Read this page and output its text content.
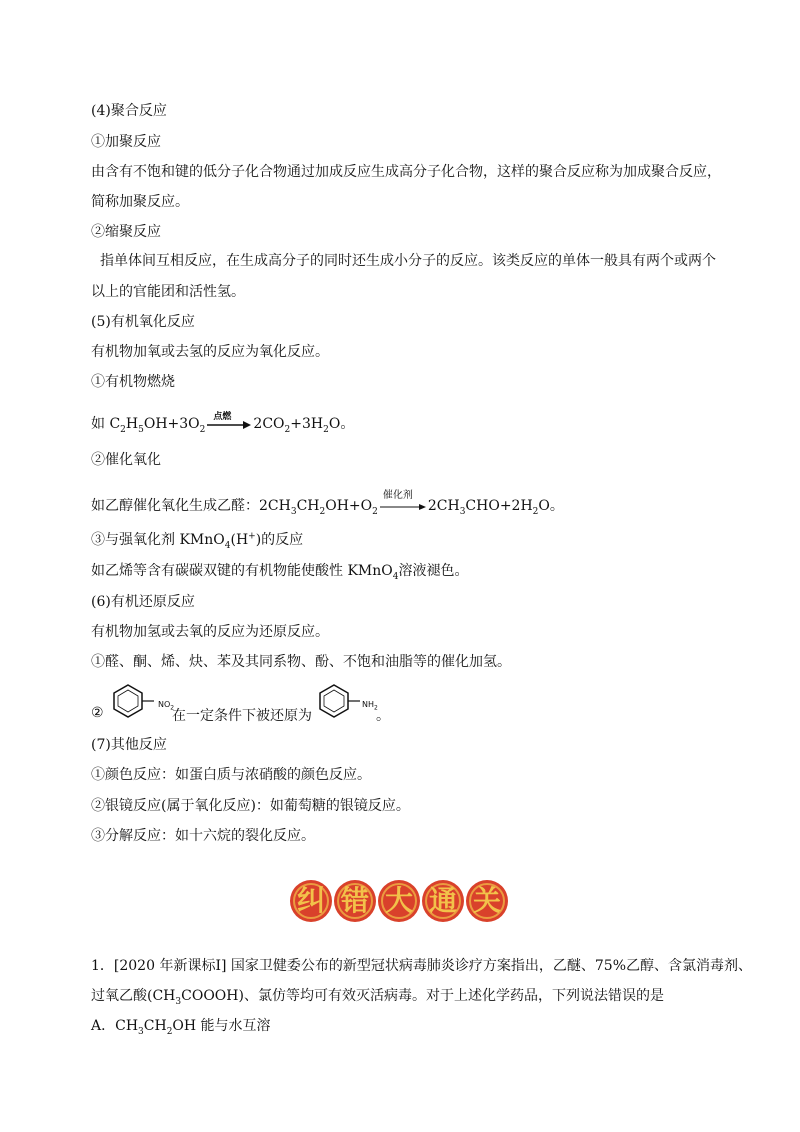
(4)聚合反应
①加聚反应
由含有不饱和键的低分子化合物通过加成反应生成高分子化合物，这样的聚合反应称为加成聚合反应，
简称加聚反应。
②缩聚反应
指单体间互相反应，在生成高分子的同时还生成小分子的反应。该类反应的单体一般具有两个或两个
以上的官能团和活性氢。
(5)有机氧化反应
有机物加氧或去氢的反应为氧化反应。
①有机物燃烧
如 $C_2H_5OH+3O_2$
点燃 $2CO_2+3H_2O$。
②催化氧化
如乙醇催化氧化生成乙醛：$2CH_3CH_2OH+O_2$
催化剂
$2CH_3CHO+2H_2O$。
③与强氧化剂 KMnO$_4$(H+)的反应
如乙烯等含有碳碳双键的有机物能使酸性 KMnO$_4$溶液褪色。
(6)有机还原反应
有机物加氢或去氧的反应为还原反应。
①醛、酮、烯、炔、苯及其同系物、酚、不饱和油脂等的催化加氢。
②
$NO_2$
在一定条件下被还原为
$NH_2$
。
(7)其他反应
①颜色反应：如蛋白质与浓硝酸的颜色反应。
②银镜反应(属于氧化反应)：如葡萄糖的银镜反应。
③分解反应：如十六烷的裂化反应。
纠 错 大 通 关
1．[2020 年新课标Ⅰ] 国家卫健委公布的新型冠状病毒肺炎诊疗方案指出，乙醚、75%乙醇、含氯消毒剂、
过氧乙酸$(CH_3COOOH)$、氯仿等均可有效灭活病毒。对于上述化学药品，下列说法错误的是
A．$CH_3CH_2OH$ 能与水互溶
